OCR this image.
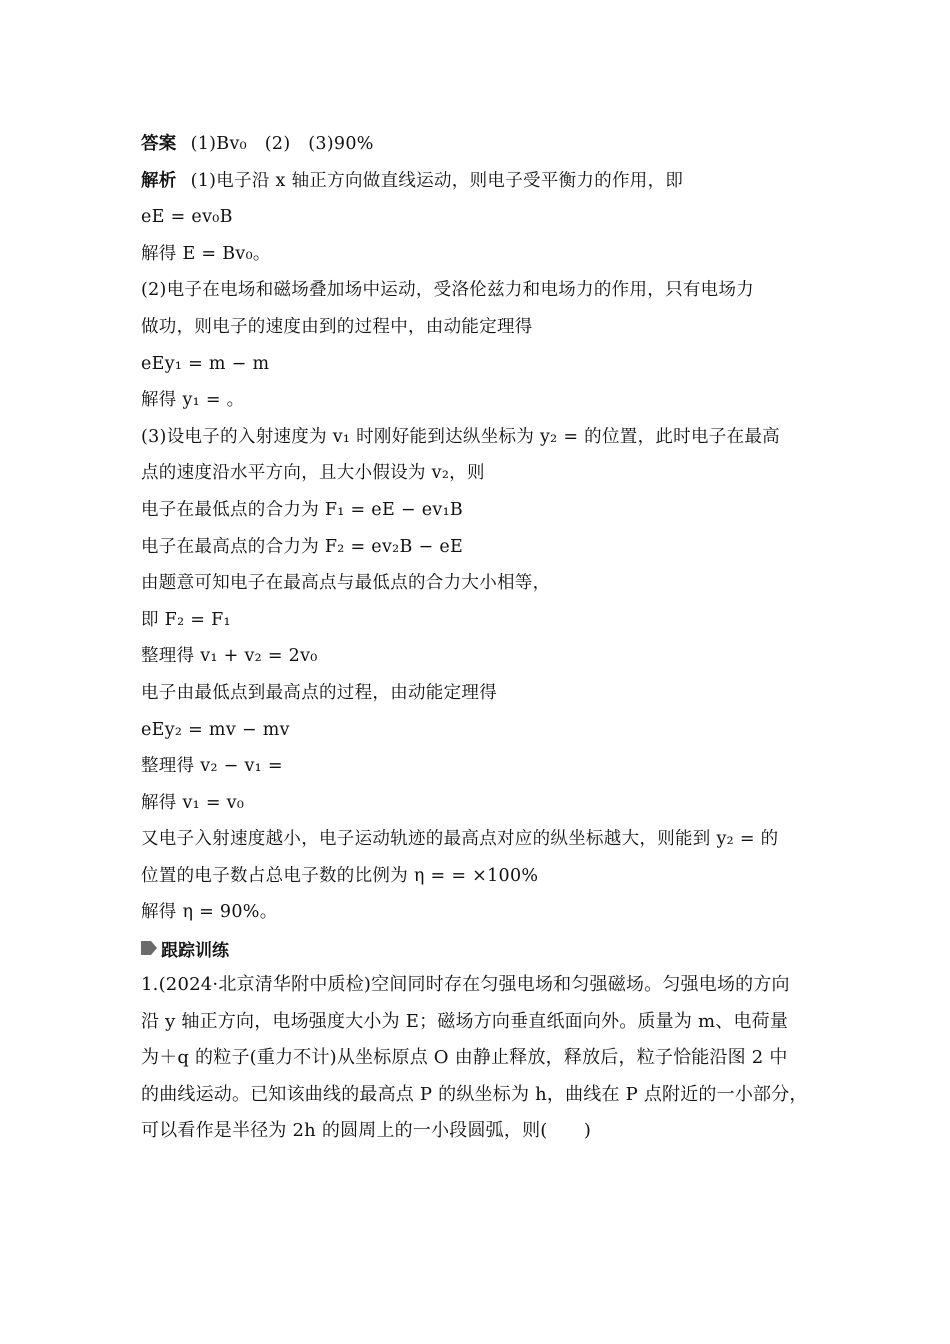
答案 (1)Bv₀　(2)　(3)90%
解析 (1)电子沿 x 轴正方向做直线运动，则电子受平衡力的作用，即
eE = ev₀B
解得 E = Bv₀。
(2)电子在电场和磁场叠加场中运动，受洛伦兹力和电场力的作用，只有电场力
做功，则电子的速度由到的过程中，由动能定理得
eEy₁ = m − m
解得 y₁ = 。
(3)设电子的入射速度为 v₁ 时刚好能到达纵坐标为 y₂ = 的位置，此时电子在最高
点的速度沿水平方向，且大小假设为 v₂，则
电子在最低点的合力为 F₁ = eE − ev₁B
电子在最高点的合力为 F₂ = ev₂B − eE
由题意可知电子在最高点与最低点的合力大小相等，
即 F₂ = F₁
整理得 v₁ + v₂ = 2v₀
电子由最低点到最高点的过程，由动能定理得
eEy₂ = mv − mv
整理得 v₂ − v₁ =
解得 v₁ = v₀
又电子入射速度越小，电子运动轨迹的最高点对应的纵坐标越大，则能到 y₂ = 的
位置的电子数占总电子数的比例为 η = = ×100%
解得 η = 90%。
跟踪训练
1.(2024·北京清华附中质检)空间同时存在匀强电场和匀强磁场。匀强电场的方向
沿 y 轴正方向，电场强度大小为 E；磁场方向垂直纸面向外。质量为 m、电荷量
为＋q 的粒子(重力不计)从坐标原点 O 由静止释放，释放后，粒子恰能沿图 2 中
的曲线运动。已知该曲线的最高点 P 的纵坐标为 h，曲线在 P 点附近的一小部分，
可以看作是半径为 2h 的圆周上的一小段圆弧，则(　　)
